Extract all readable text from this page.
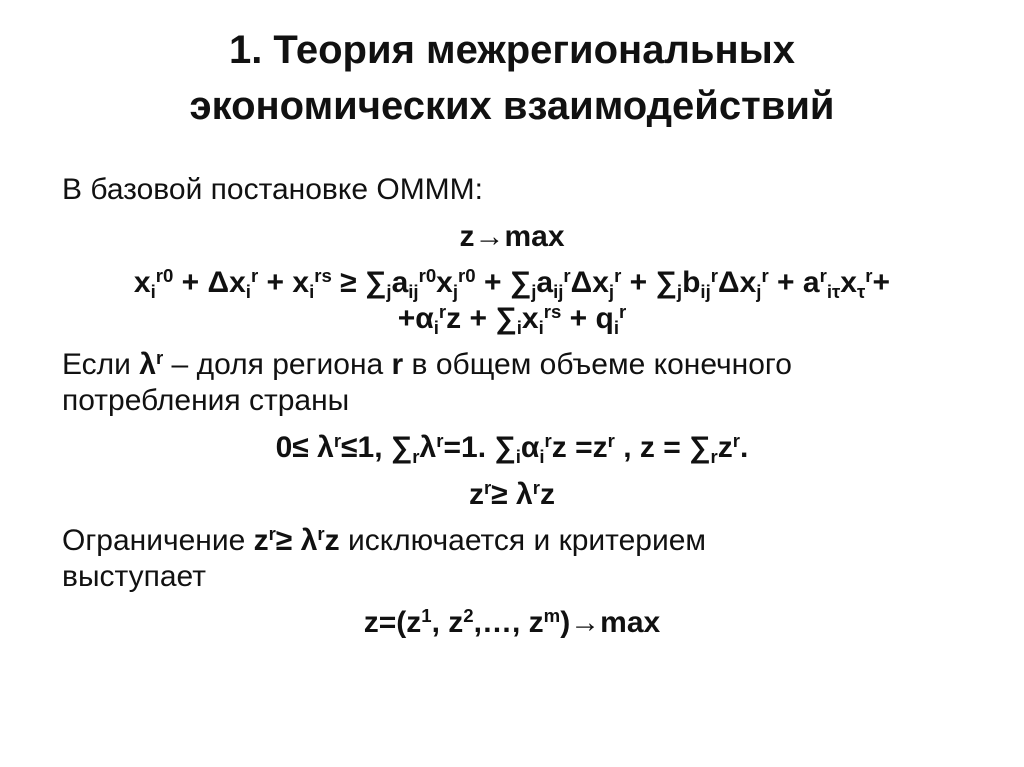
1. Теория межрегиональных
экономических взаимодействий
В базовой постановке ОМММ:
z→max
$x_i^{r0} + \Delta x_i^r + x_i^{rs} \ge \sum_ja_{ij}^{r0}x_j^{r0} + \sum_ja_{ij}^r\Delta x_j^r + \sum_jb_{ij}^r\Delta x_j^r + a^r_{i\tau}x_\tau^r+$
$+\alpha_i^rz + \sum_ix_i^{rs} + q_i^r$
Если $\lambda^r$ – доля региона r в общем объеме конечного
потребления страны
$0\le \lambda^r\le 1$, $\sum_r\lambda^r=1$. $\sum_i\alpha_i^rz =z^r$ , $z = \sum_rz^r$.
$z^r\ge \lambda^rz$
Ограничение $z^r\ge \lambda^rz$ исключается и критерием
выступает
$z=(z^1$, $z^2,\dots$, $z^m)\to\max$
